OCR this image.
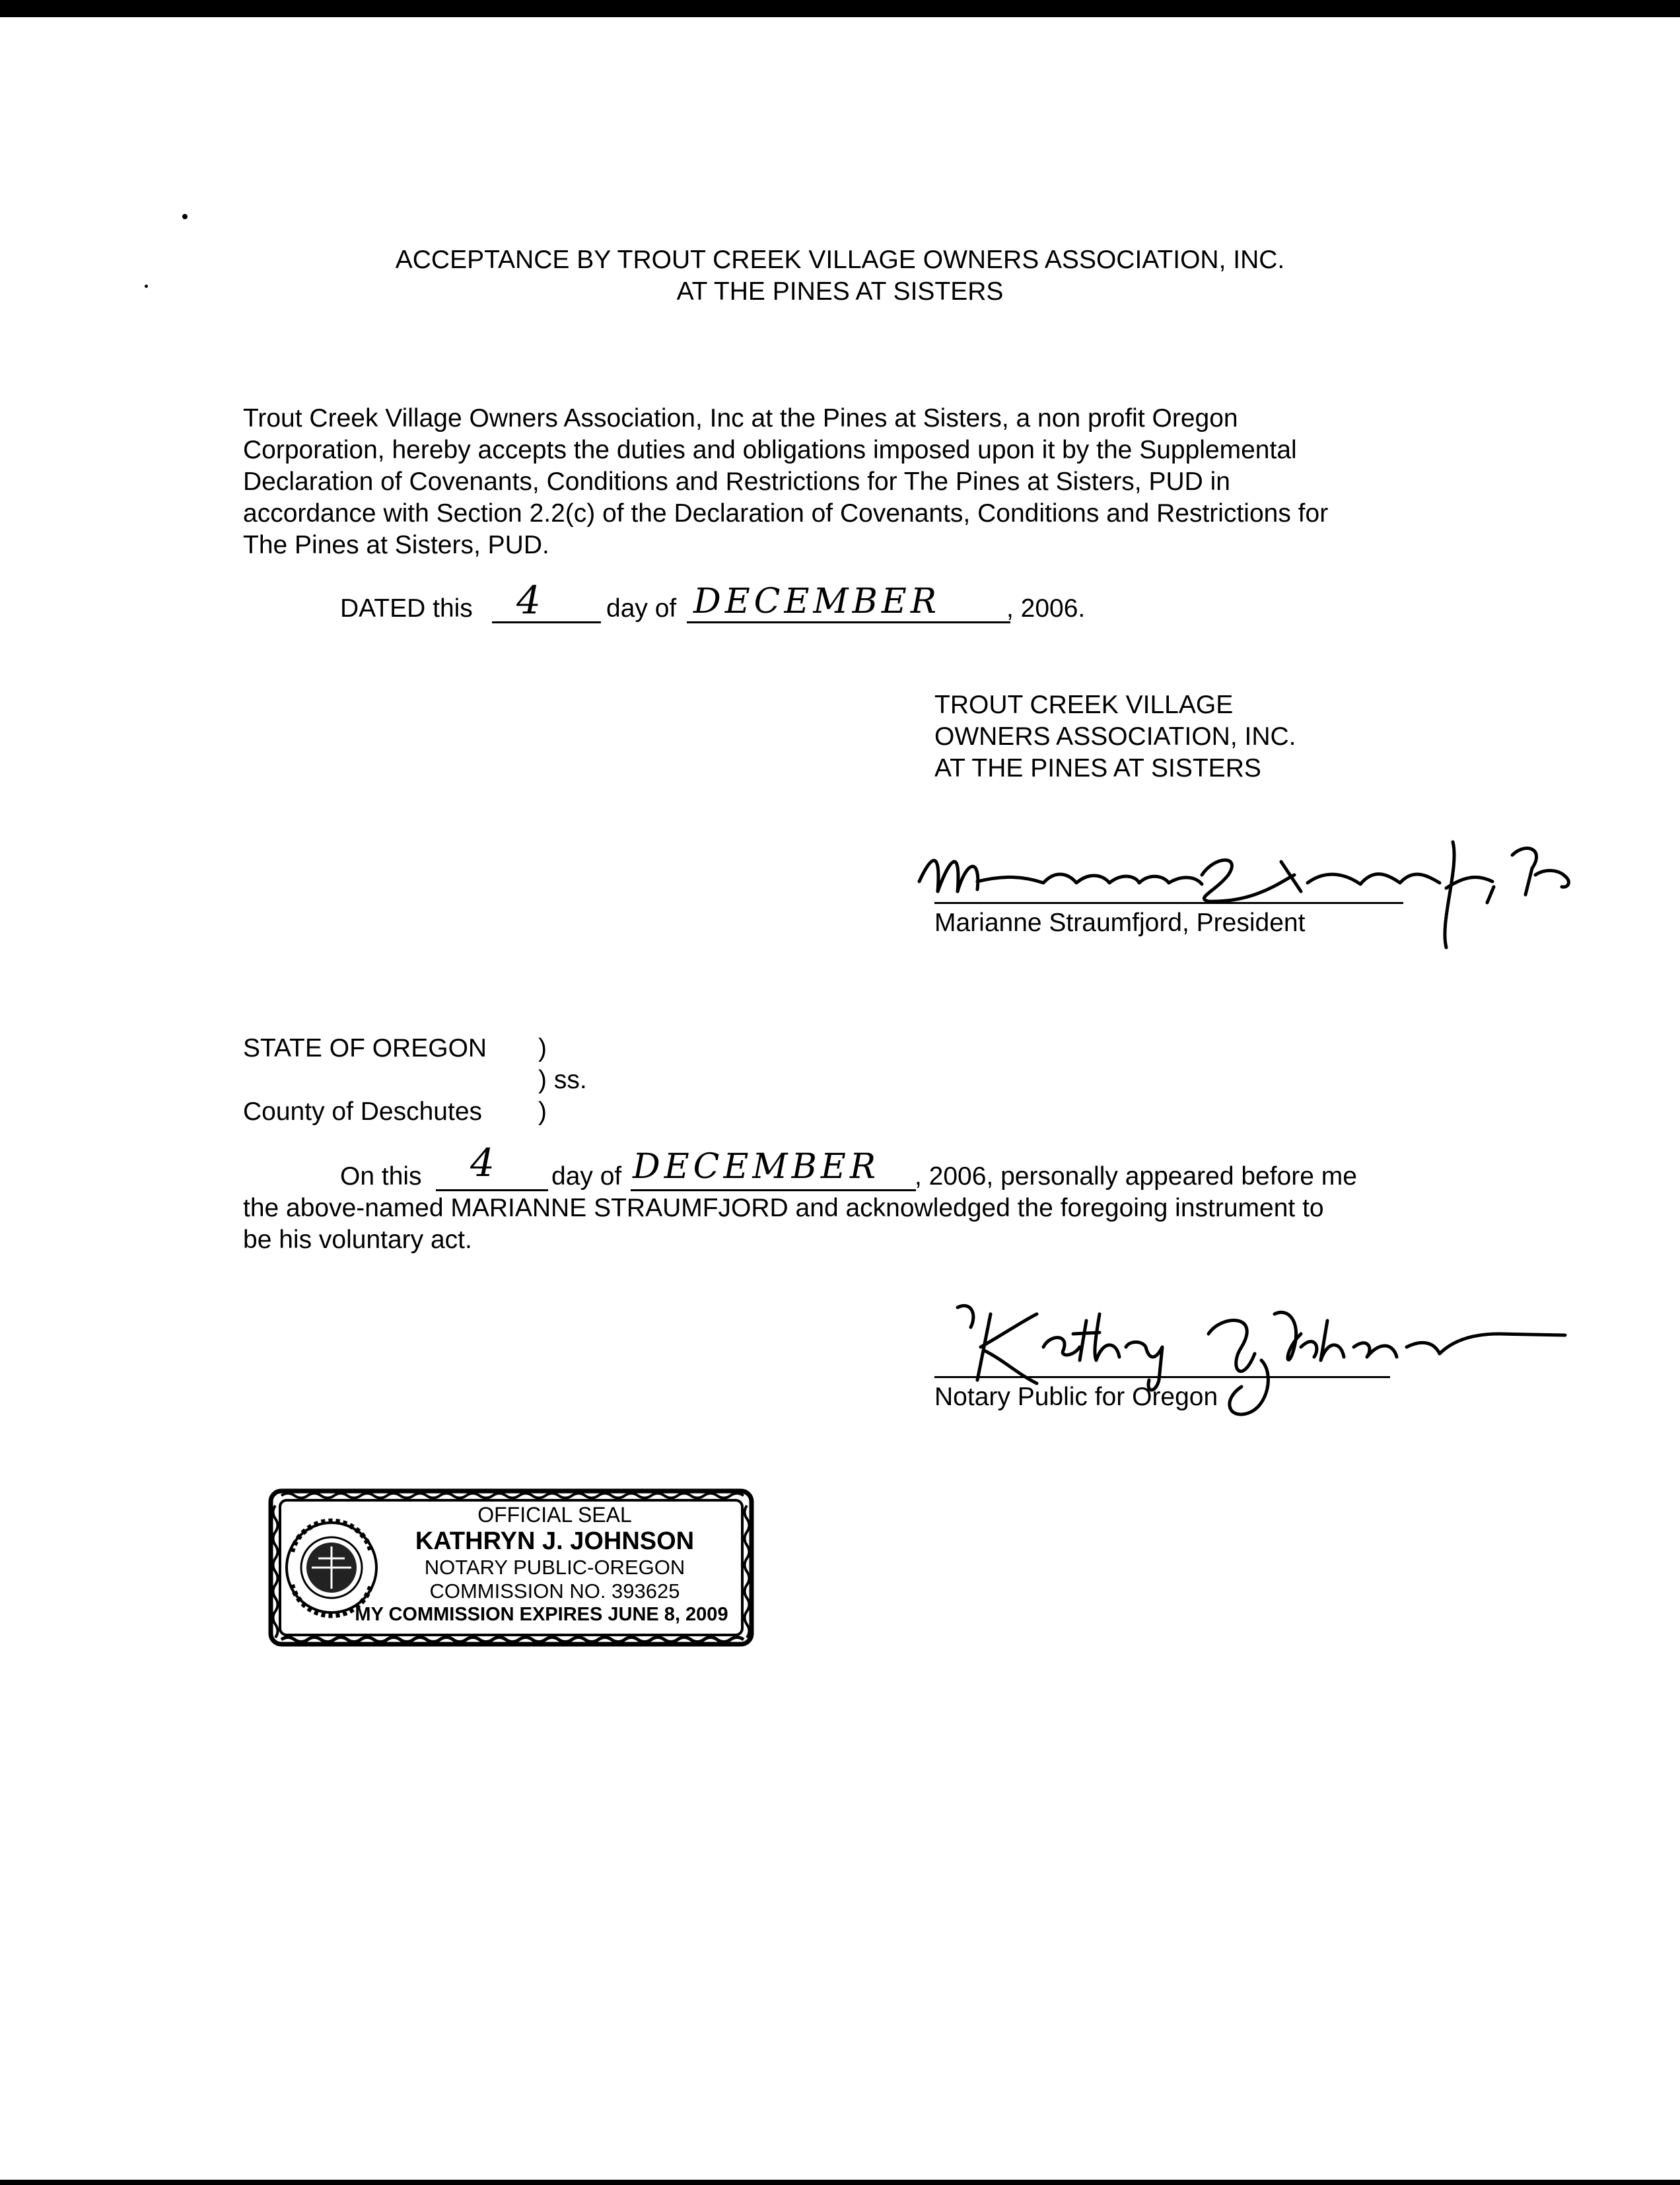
ACCEPTANCE BY TROUT CREEK VILLAGE OWNERS ASSOCIATION, INC.
AT THE PINES AT SISTERS
Trout Creek Village Owners Association, Inc at the Pines at Sisters, a non profit Oregon
Corporation, hereby accepts the duties and obligations imposed upon it by the Supplemental
Declaration of Covenants, Conditions and Restrictions for The Pines at Sisters, PUD in
accordance with Section 2.2(c) of the Declaration of Covenants, Conditions and Restrictions for
The Pines at Sisters, PUD.
DATED this 4 day of DECEMBER	, 2006.
TROUT CREEK VILLAGE
OWNERS ASSOCIATION, INC.
AT THE PINES AT SISTERS
Marianne Straumfjord, President
STATE OF OREGON )
) ss.
County of Deschutes )
On this 4 day of DECEMBER , 2006, personally appeared before me
the above-named MARIANNE STRAUMFJORD and acknowledged the foregoing instrument to
be his voluntary act.
Notary Public for Oregon
OFFICIAL SEAL
KATHRYN J. JOHNSON
NOTARY PUBLIC-OREGON
COMMISSION NO. 393625
MY COMMISSION EXPIRES JUNE 8, 2009
